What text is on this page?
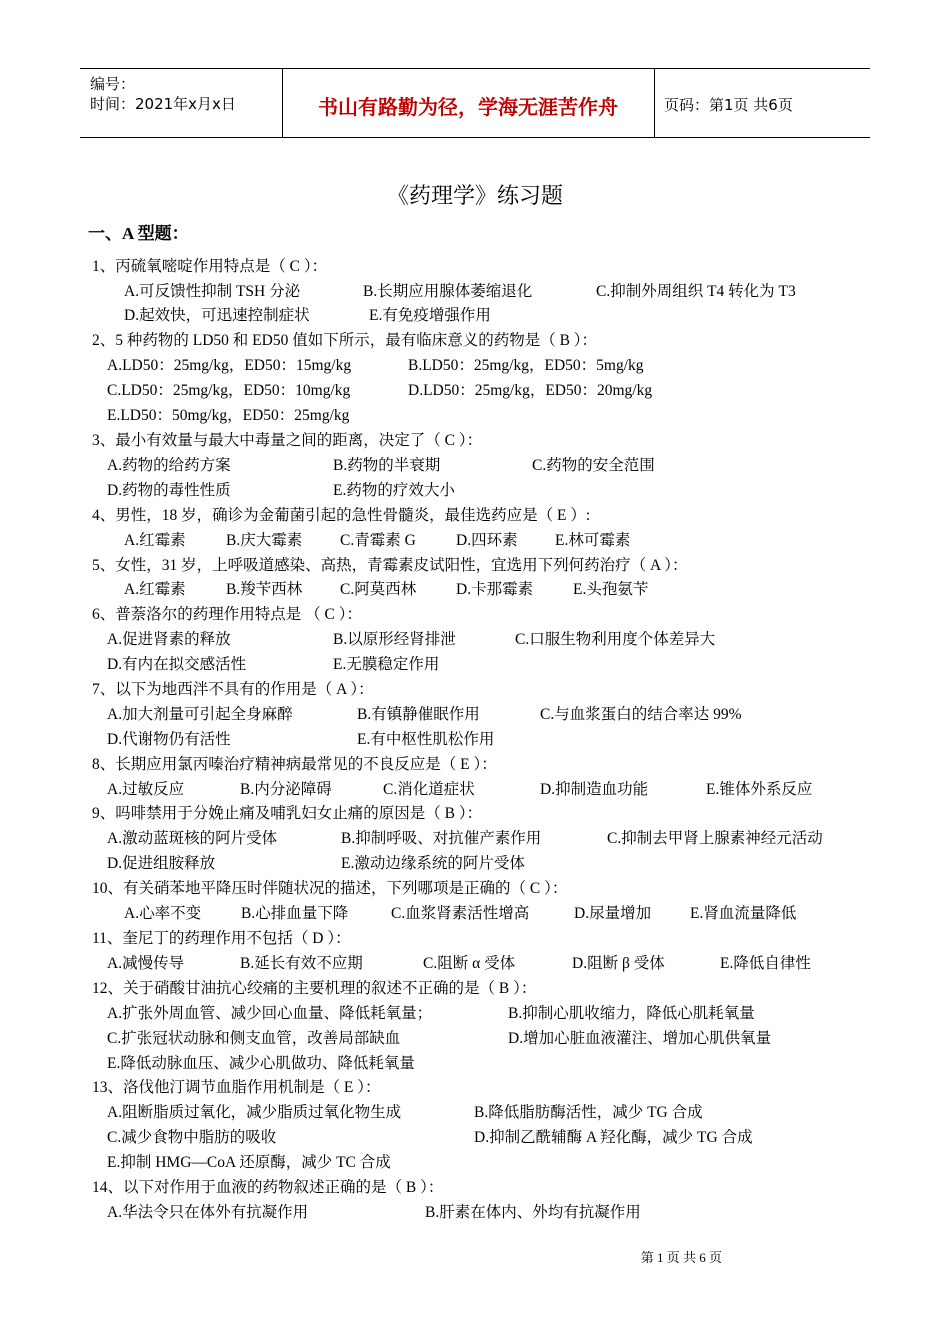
编号：
时间：2021年x月x日	书山有路勤为径，学海无涯苦作舟	页码：第1页 共6页
《药理学》练习题
一、A 型题：
1、丙硫氧嘧啶作用特点是（ C ）：
A.可反馈性抑制 TSH 分泌	B.长期应用腺体萎缩退化	C.抑制外周组织 T4 转化为 T3
D.起效快，可迅速控制症状	E.有免疫增强作用
2、5 种药物的 LD50 和 ED50 值如下所示，最有临床意义的药物是（ B ）：
A.LD50：25mg/kg，ED50：15mg/kg	B.LD50：25mg/kg，ED50：5mg/kg
C.LD50：25mg/kg，ED50：10mg/kg	D.LD50：25mg/kg，ED50：20mg/kg
E.LD50：50mg/kg，ED50：25mg/kg
3、最小有效量与最大中毒量之间的距离，决定了（ C ）：
A.药物的给药方案	B.药物的半衰期	C.药物的安全范围
D.药物的毒性性质	E.药物的疗效大小
4、男性，18 岁，确诊为金葡菌引起的急性骨髓炎，最佳选药应是（ E ）:
A.红霉素	B.庆大霉素 C.青霉素 G	D.四环素 E.林可霉素
5、女性，31 岁，上呼吸道感染、高热，青霉素皮试阳性，宜选用下列何药治疗（ A ）：
A.红霉素	B.羧苄西林 C.阿莫西林	D.卡那霉素	E.头孢氨苄
6、普萘洛尔的药理作用特点是 （ C ）：
A.促进肾素的释放	B.以原形经肾排泄	C.口服生物利用度个体差异大
D.有内在拟交感活性	E.无膜稳定作用
7、以下为地西泮不具有的作用是（ A ）：
A.加大剂量可引起全身麻醉	B.有镇静催眠作用	C.与血浆蛋白的结合率达 99%
D.代谢物仍有活性	E.有中枢性肌松作用
8、长期应用氯丙嗪治疗精神病最常见的不良反应是（ E ）：
A.过敏反应	B.内分泌障碍	C.消化道症状	D.抑制造血功能	E.锥体外系反应
9、吗啡禁用于分娩止痛及哺乳妇女止痛的原因是（ B ）：
A.激动蓝斑核的阿片受体	B.抑制呼吸、对抗催产素作用	C.抑制去甲肾上腺素神经元活动
D.促进组胺释放	E.激动边缘系统的阿片受体
10、有关硝苯地平降压时伴随状况的描述，下列哪项是正确的（ C ）：
A.心率不变	B.心排血量下降	C.血浆肾素活性增高	D.尿量增加	E.肾血流量降低
11、奎尼丁的药理作用不包括（ D ）：
A.减慢传导	B.延长有效不应期	C.阻断 α 受体	D.阻断 β 受体	E.降低自律性
12、关于硝酸甘油抗心绞痛的主要机理的叙述不正确的是（ B ）：
A.扩张外周血管、减少回心血量、降低耗氧量；	B.抑制心肌收缩力，降低心肌耗氧量
C.扩张冠状动脉和侧支血管，改善局部缺血	D.增加心脏血液灌注、增加心肌供氧量
E.降低动脉血压、减少心肌做功、降低耗氧量
13、洛伐他汀调节血脂作用机制是（ E ）：
A.阻断脂质过氧化，减少脂质过氧化物生成	B.降低脂肪酶活性，减少 TG 合成
C.减少食物中脂肪的吸收	D.抑制乙酰辅酶 A 羟化酶，减少 TG 合成
E.抑制 HMG—CoA 还原酶，减少 TC 合成
14、以下对作用于血液的药物叙述正确的是（ B ）：
A.华法令只在体外有抗凝作用	B.肝素在体内、外均有抗凝作用
第 1 页 共 6 页
